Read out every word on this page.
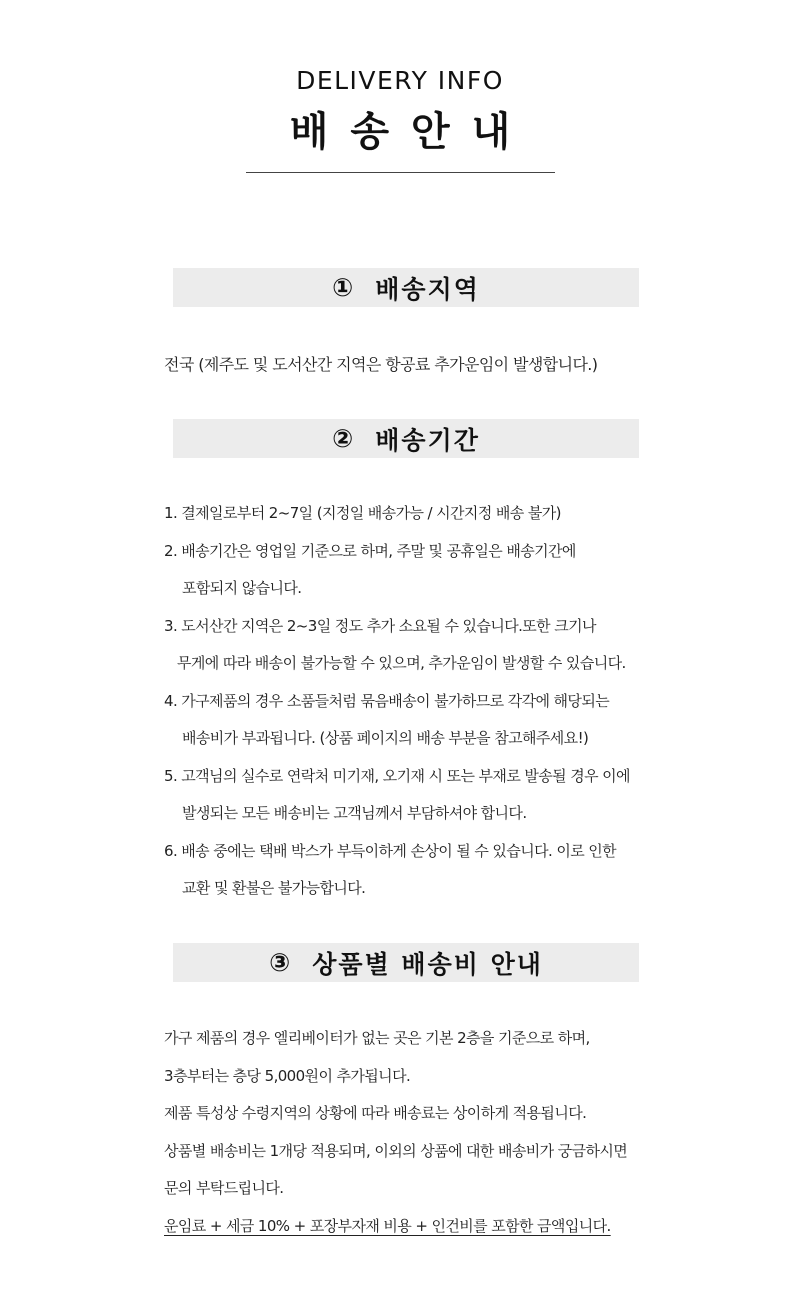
DELIVERY INFO
배송안내
① 배송지역
전국 (제주도 및 도서산간 지역은 항공료 추가운임이 발생합니다.)
② 배송기간
1. 결제일로부터 2~7일 (지정일 배송가능 / 시간지정 배송 불가)
2. 배송기간은 영업일 기준으로 하며, 주말 및 공휴일은 배송기간에
포함되지 않습니다.
3. 도서산간 지역은 2~3일 정도 추가 소요될 수 있습니다.또한 크기나
무게에 따라 배송이 불가능할 수 있으며, 추가운임이 발생할 수 있습니다.
4. 가구제품의 경우 소품들처럼 묶음배송이 불가하므로 각각에 해당되는
배송비가 부과됩니다. (상품 페이지의 배송 부분을 참고해주세요!)
5. 고객님의 실수로 연락처 미기재, 오기재 시 또는 부재로 발송될 경우 이에
발생되는 모든 배송비는 고객님께서 부담하셔야 합니다.
6. 배송 중에는 택배 박스가 부득이하게 손상이 될 수 있습니다. 이로 인한
교환 및 환불은 불가능합니다.
③ 상품별 배송비 안내
가구 제품의 경우 엘리베이터가 없는 곳은 기본 2층을 기준으로 하며,
3층부터는 층당 5,000원이 추가됩니다.
제품 특성상 수령지역의 상황에 따라 배송료는 상이하게 적용됩니다.
상품별 배송비는 1개당 적용되며, 이외의 상품에 대한 배송비가 궁금하시면
문의 부탁드립니다.
운임료 + 세금 10% + 포장부자재 비용 + 인건비를 포함한 금액입니다.
